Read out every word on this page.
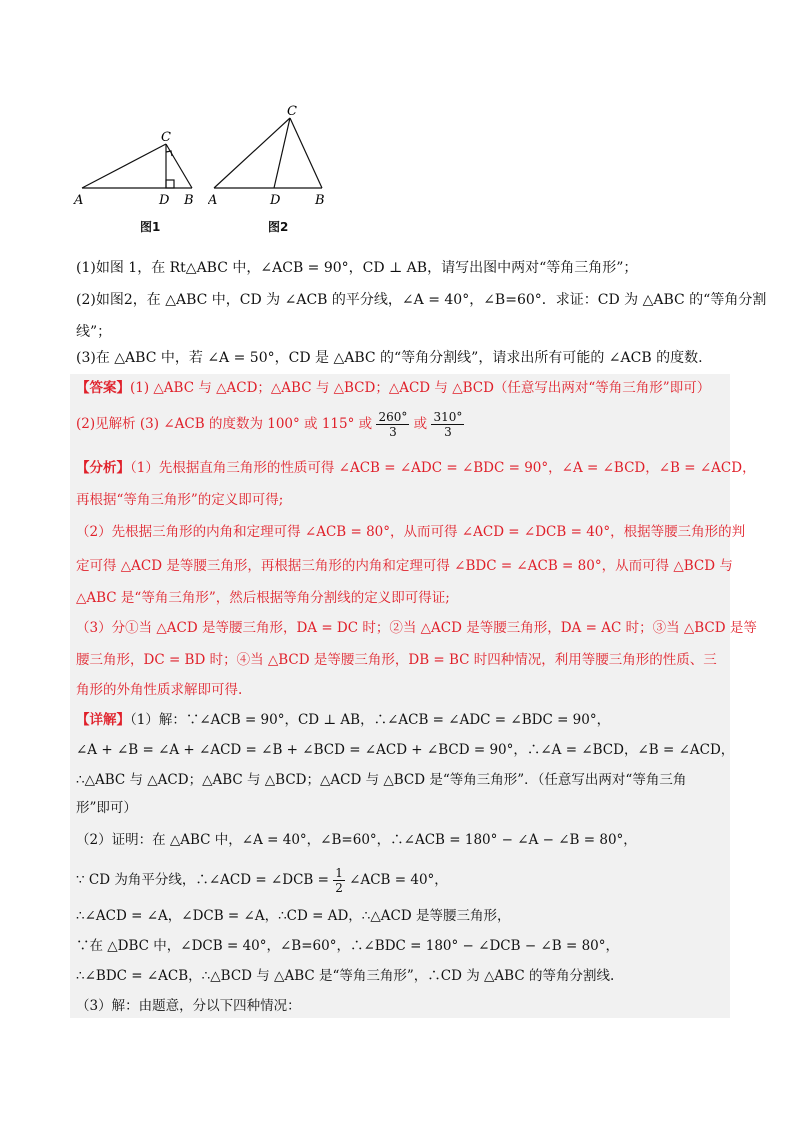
A	D B
C
图1
A	D	B
C
图2
(1)如图 1，在 Rt△ABC 中，∠ACB = 90°，CD ⊥ AB，请写出图中两对“等角三角形”；
(2)如图2，在 △ABC 中，CD 为 ∠ACB 的平分线，∠A = 40°，∠B=60°．求证：CD 为 △ABC 的“等角分割
线”；
(3)在 △ABC 中，若 ∠A = 50°，CD 是 △ABC 的“等角分割线”，请求出所有可能的 ∠ACB 的度数.
【答案】(1) △ABC 与 △ACD；△ABC 与 △BCD；△ACD 与 △BCD（任意写出两对“等角三角形”即可）
(2)见解析 (3) ∠ACB 的度数为 100° 或 115° 或 $\frac{260^\circ}{3}$ 或 $\frac{310^\circ}{3}$
【分析】（1）先根据直角三角形的性质可得 ∠ACB = ∠ADC = ∠BDC = 90°，∠A = ∠BCD，∠B = ∠ACD，
再根据“等角三角形”的定义即可得;
（2）先根据三角形的内角和定理可得 ∠ACB = 80°，从而可得 ∠ACD = ∠DCB = 40°，根据等腰三角形的判
定可得 △ACD 是等腰三角形，再根据三角形的内角和定理可得 ∠BDC = ∠ACB = 80°，从而可得 △BCD 与
△ABC 是“等角三角形”，然后根据等角分割线的定义即可得证;
（3）分①当 △ACD 是等腰三角形，DA = DC 时；②当 △ACD 是等腰三角形，DA = AC 时；③当 △BCD 是等
腰三角形，DC = BD 时；④当 △BCD 是等腰三角形，DB = BC 时四种情况，利用等腰三角形的性质、三
角形的外角性质求解即可得.
【详解】（1）解：∵∠ACB = 90°，CD ⊥ AB，∴∠ACB = ∠ADC = ∠BDC = 90°，
∠A + ∠B = ∠A + ∠ACD = ∠B + ∠BCD = ∠ACD + ∠BCD = 90°，∴∠A = ∠BCD，∠B = ∠ACD，
∴△ABC 与 △ACD；△ABC 与 △BCD；△ACD 与 △BCD 是“等角三角形”．（任意写出两对“等角三角
形”即可）
（2）证明：在 △ABC 中，∠A = 40°，∠B=60°，∴∠ACB = 180° − ∠A − ∠B = 80°，
∵ CD 为角平分线，∴∠ACD = ∠DCB = $\frac{1}{2}$ ∠ACB = 40°，
∴∠ACD = ∠A，∠DCB = ∠A，∴CD = AD，∴△ACD 是等腰三角形，
∵在 △DBC 中，∠DCB = 40°，∠B=60°，∴∠BDC = 180° − ∠DCB − ∠B = 80°，
∴∠BDC = ∠ACB，∴△BCD 与 △ABC 是“等角三角形”，∴CD 为 △ABC 的等角分割线.
（3）解：由题意，分以下四种情况：
